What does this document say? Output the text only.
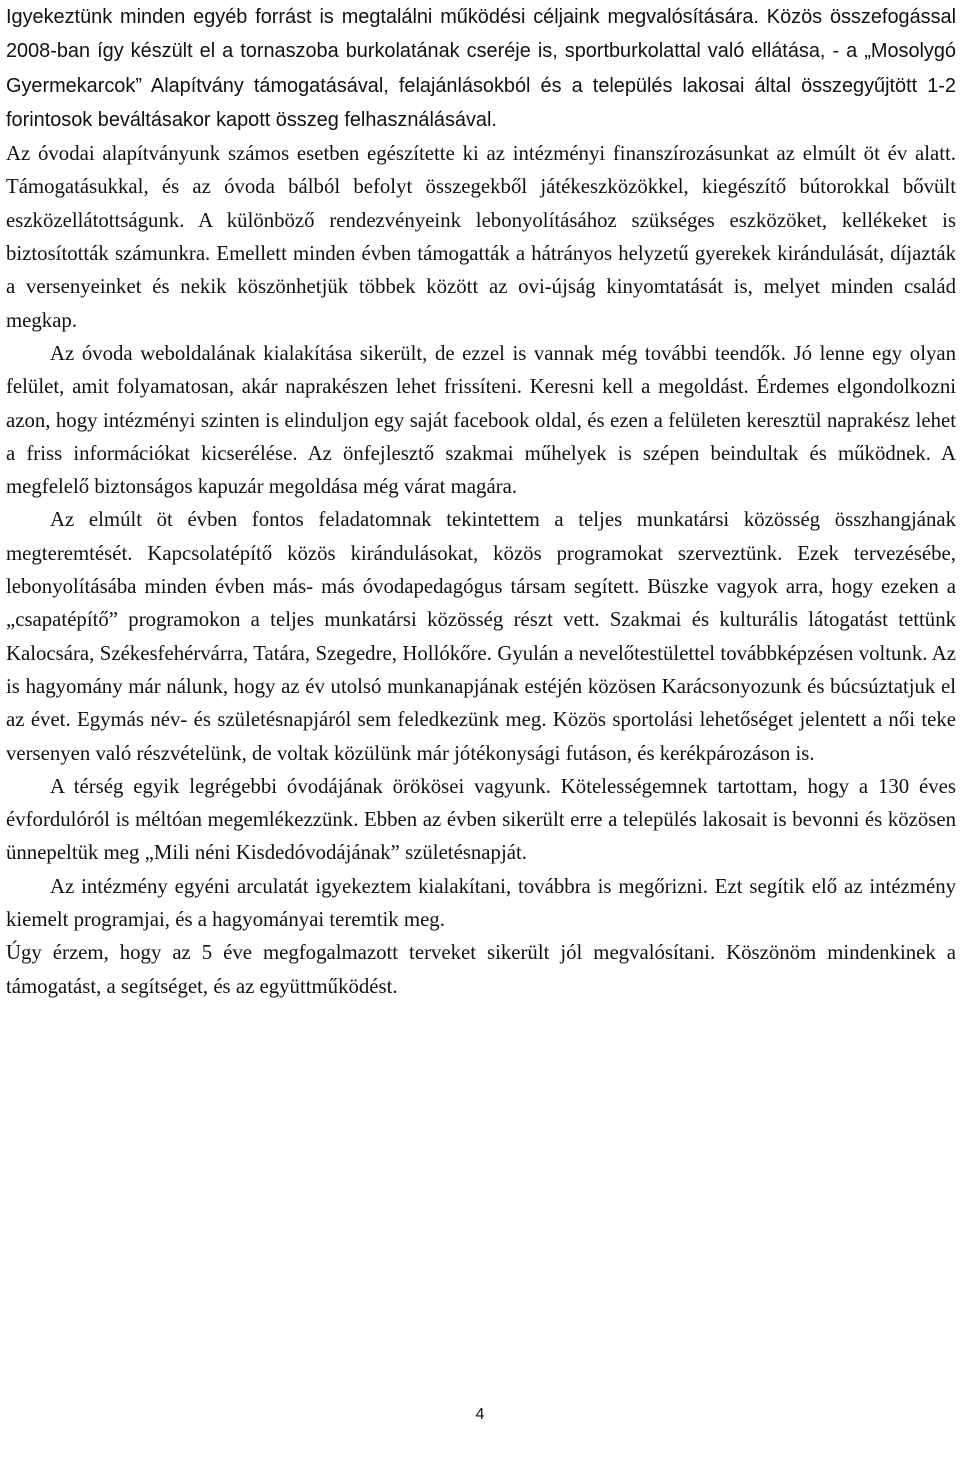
Igyekeztünk minden egyéb forrást is megtalálni működési céljaink megvalósítására. Közös összefogással 2008-ban így készült el a tornaszoba burkolatának cseréje is, sportburkolattal való ellátása, - a „Mosolygó Gyermekarcok” Alapítvány támogatásával, felajánlásokból és a település lakosai által összegyűjtött 1-2 forintosok beváltásakor kapott összeg felhasználásával.

Az óvodai alapítványunk számos esetben egészítette ki az intézményi finanszírozásunkat az elmúlt öt év alatt. Támogatásukkal, és az óvoda bálból befolyt összegekből játékeszközökkel, kiegészítő bútorokkal bővült eszközellátottságunk. A különböző rendezvényeink lebonyolításához szükséges eszközöket, kellékeket is biztosították számunkra. Emellett minden évben támogatták a hátrányos helyzetű gyerekek kirándulását, díjazták a versenyeinket és nekik köszönhetjük többek között az ovi-újság kinyomtatását is, melyet minden család megkap.

Az óvoda weboldalának kialakítása sikerült, de ezzel is vannak még további teendők. Jó lenne egy olyan felület, amit folyamatosan, akár naprakészen lehet frissíteni. Keresni kell a megoldást. Érdemes elgondolkozni azon, hogy intézményi szinten is elinduljon egy saját facebook oldal, és ezen a felületen keresztül naprakész lehet a friss információkat kicserélése. Az önfejlesztő szakmai műhelyek is szépen beindultak és működnek. A megfelelő biztonságos kapuzár megoldása még várat magára.

Az elmúlt öt évben fontos feladatomnak tekintettem a teljes munkatársi közösség összhangjának megteremtését. Kapcsolatépítő közös kirándulásokat, közös programokat szerveztünk. Ezek tervezésébe, lebonyolításába minden évben más- más óvodapedagógus társam segített. Büszke vagyok arra, hogy ezeken a „csapatépítő” programokon a teljes munkatársi közösség részt vett. Szakmai és kulturális látogatást tettünk Kalocsára, Székesfehérvárra, Tatára, Szegedre, Hollókőre. Gyulán a nevelőtestülettel továbbképzésen voltunk. Az is hagyomány már nálunk, hogy az év utolsó munkanapjának estéjén közösen Karácsonyozunk és búcsúztatjuk el az évet. Egymás név- és születésnapjáról sem feledkezünk meg. Közös sportolási lehetőséget jelentett a női teke versenyen való részvételünk, de voltak közülünk már jótékonysági futáson, és kerékpározáson is.

A térség egyik legrégebbi óvodájának örökösei vagyunk. Kötelességemnek tartottam, hogy a 130 éves évfordulóról is méltóan megemlékezzünk. Ebben az évben sikerült erre a település lakosait is bevonni és közösen ünnepeltük meg „Mili néni Kisdedóvodájának” születésnapját.

Az intézmény egyéni arculatát igyekeztem kialakítani, továbbra is megőrizni. Ezt segítik elő az intézmény kiemelt programjai, és a hagyományai teremtik meg.

Úgy érzem, hogy az 5 éve megfogalmazott terveket sikerült jól megvalósítani. Köszönöm mindenkinek a támogatást, a segítséget, és az együttműködést.

4
